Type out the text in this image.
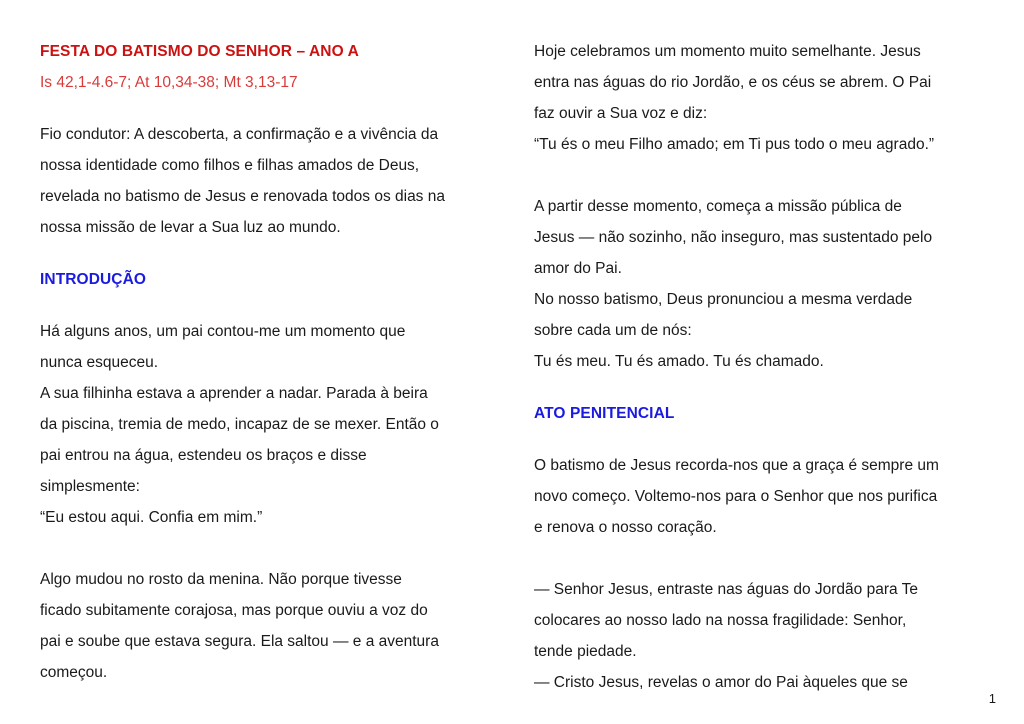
FESTA DO BATISMO DO SENHOR – ANO A
Is 42,1-4.6-7; At 10,34-38; Mt 3,13-17
Fio condutor: A descoberta, a confirmação e a vivência da
nossa identidade como filhos e filhas amados de Deus,
revelada no batismo de Jesus e renovada todos os dias na
nossa missão de levar a Sua luz ao mundo.
INTRODUÇÃO
Há alguns anos, um pai contou-me um momento que
nunca esqueceu.
A sua filhinha estava a aprender a nadar. Parada à beira
da piscina, tremia de medo, incapaz de se mexer. Então o
pai entrou na água, estendeu os braços e disse
simplesmente:
“Eu estou aqui. Confia em mim.”
Algo mudou no rosto da menina. Não porque tivesse
ficado subitamente corajosa, mas porque ouviu a voz do
pai e soube que estava segura. Ela saltou — e a aventura
começou.
Hoje celebramos um momento muito semelhante. Jesus
entra nas águas do rio Jordão, e os céus se abrem. O Pai
faz ouvir a Sua voz e diz:
“Tu és o meu Filho amado; em Ti pus todo o meu agrado.”
A partir desse momento, começa a missão pública de
Jesus — não sozinho, não inseguro, mas sustentado pelo
amor do Pai.
No nosso batismo, Deus pronunciou a mesma verdade
sobre cada um de nós:
Tu és meu. Tu és amado. Tu és chamado.
ATO PENITENCIAL
O batismo de Jesus recorda-nos que a graça é sempre um
novo começo. Voltemo-nos para o Senhor que nos purifica
e renova o nosso coração.
— Senhor Jesus, entraste nas águas do Jordão para Te
colocares ao nosso lado na nossa fragilidade: Senhor,
tende piedade.
— Cristo Jesus, revelas o amor do Pai àqueles que se
1
